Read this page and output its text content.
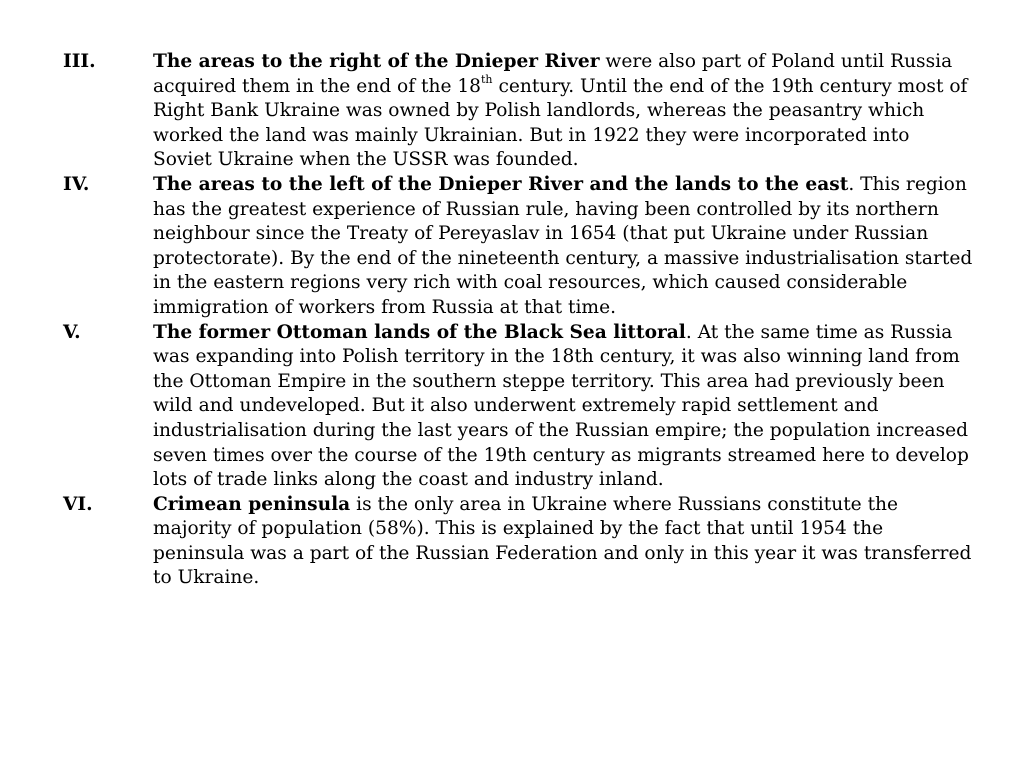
III.	The areas to the right of the Dnieper River were also part of Poland until Russia acquired them in the end of the 18th century. Until the end of the 19th century most of Right Bank Ukraine was owned by Polish landlords, whereas the peasantry which worked the land was mainly Ukrainian. But in 1922 they were incorporated into Soviet Ukraine when the USSR was founded.
IV.	The areas to the left of the Dnieper River and the lands to the east. This region has the greatest experience of Russian rule, having been controlled by its northern neighbour since the Treaty of Pereyaslav in 1654 (that put Ukraine under Russian protectorate). By the end of the nineteenth century, a massive industrialisation started in the eastern regions very rich with coal resources, which caused considerable immigration of workers from Russia at that time.
V.	The former Ottoman lands of the Black Sea littoral. At the same time as Russia was expanding into Polish territory in the 18th century, it was also winning land from the Ottoman Empire in the southern steppe territory. This area had previously been wild and undeveloped. But it also underwent extremely rapid settlement and industrialisation during the last years of the Russian empire; the population increased seven times over the course of the 19th century as migrants streamed here to develop lots of trade links along the coast and industry inland.
VI.	Crimean peninsula is the only area in Ukraine where Russians constitute the majority of population (58%). This is explained by the fact that until 1954 the peninsula was a part of the Russian Federation and only in this year it was transferred to Ukraine.
